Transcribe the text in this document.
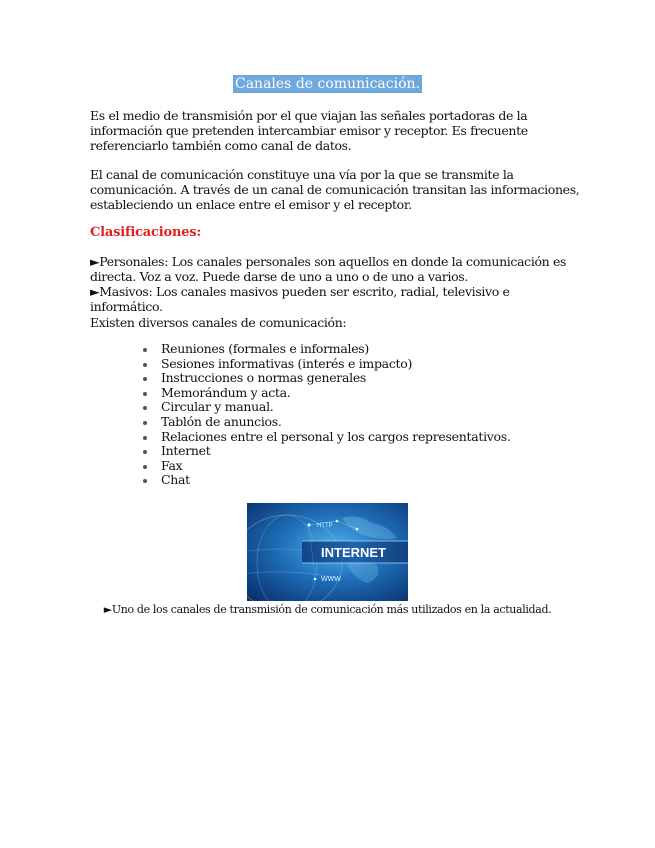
Canales de comunicación.

Es el medio de transmisión por el que viajan las señales portadoras de la información que pretenden intercambiar emisor y receptor. Es frecuente referenciarlo también como canal de datos.

El canal de comunicación constituye una vía por la que se transmite la comunicación. A través de un canal de comunicación transitan las informaciones, estableciendo un enlace entre el emisor y el receptor.

Clasificaciones:

►Personales: Los canales personales son aquellos en donde la comunicación es directa. Voz a voz. Puede darse de uno a uno o de uno a varios.

►Masivos: Los canales masivos pueden ser escrito, radial, televisivo e informático.

Existen diversos canales de comunicación:

Reuniones (formales e informales)
Sesiones informativas (interés e impacto)
Instrucciones o normas generales
Memorándum y acta.
Circular y manual.
Tablón de anuncios.
Relaciones entre el personal y los cargos representativos.
Internet
Fax
Chat
INTERNET
HTTP
WWW

►Uno de los canales de transmisión de comunicación más utilizados en la actualidad.
